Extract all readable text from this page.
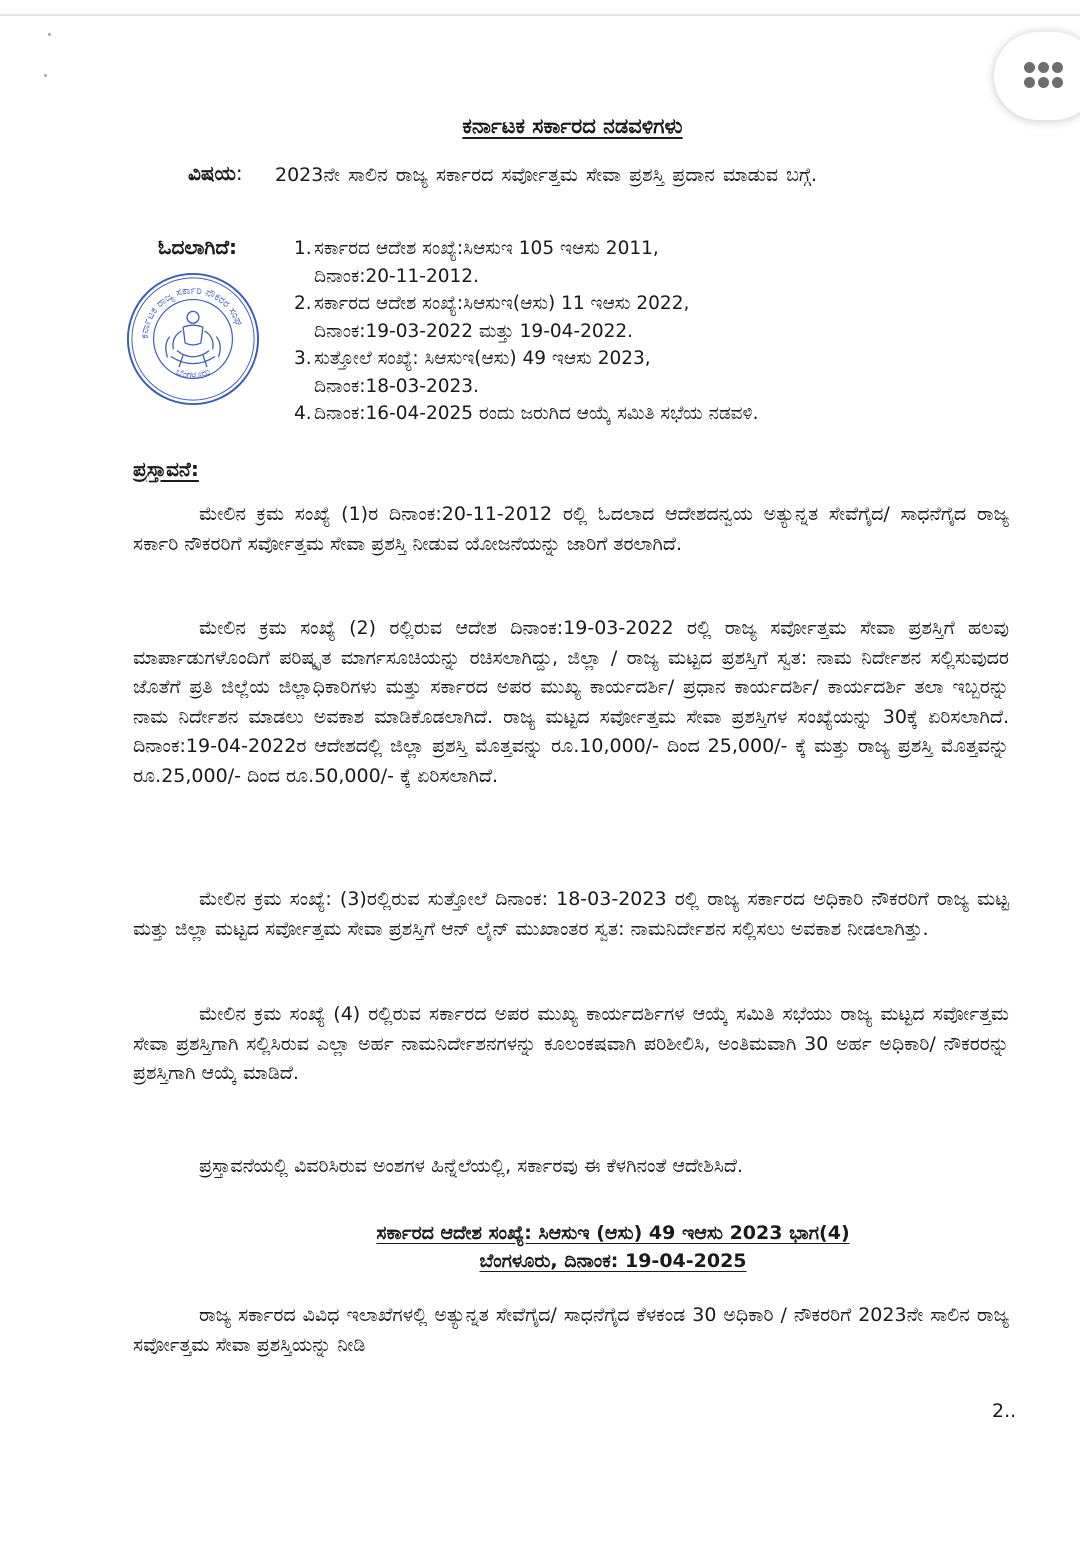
ಕರ್ನಾಟಕ ಸರ್ಕಾರದ ನಡವಳಿಗಳು
ವಿಷಯ: 2023ನೇ ಸಾಲಿನ ರಾಜ್ಯ ಸರ್ಕಾರದ ಸರ್ವೋತ್ತಮ ಸೇವಾ ಪ್ರಶಸ್ತಿ ಪ್ರದಾನ ಮಾಡುವ ಬಗ್ಗೆ.
ಓದಲಾಗಿದೆ:	1. ಸರ್ಕಾರದ ಆದೇಶ ಸಂಖ್ಯೆ:ಸಿಆಸುಇ 105 ಇಆಸು 2011,
ದಿನಾಂಕ:20-11-2012.
2. ಸರ್ಕಾರದ ಆದೇಶ ಸಂಖ್ಯೆ:ಸಿಆಸುಇ(ಆಸು) 11 ಇಆಸು 2022,
ದಿನಾಂಕ:19-03-2022 ಮತ್ತು 19-04-2022.
3. ಸುತ್ತೋಲೆ ಸಂಖ್ಯೆ: ಸಿಆಸುಇ(ಆಸು) 49 ಇಆಸು 2023,
ದಿನಾಂಕ:18-03-2023.
4. ದಿನಾಂಕ:16-04-2025 ರಂದು ಜರುಗಿದ ಆಯ್ಕೆ ಸಮಿತಿ ಸಭೆಯ ನಡವಳಿ.
ಕರ್ನಾಟಕ ರಾಜ್ಯ ಸರ್ಕಾರಿ ನೌಕರರ ಸಂಘ
ಬೆಂಗಳೂರು
ಪ್ರಸ್ತಾವನೆ:

ಮೇಲಿನ ಕ್ರಮ ಸಂಖ್ಯೆ (1)ರ ದಿನಾಂಕ:20-11-2012 ರಲ್ಲಿ ಓದಲಾದ ಆದೇಶದನ್ವಯ ಅತ್ಯುನ್ನತ ಸೇವೆಗೈದ/ ಸಾಧನೆಗೈದ ರಾಜ್ಯ ಸರ್ಕಾರಿ ನೌಕರರಿಗೆ ಸರ್ವೋತ್ತಮ ಸೇವಾ ಪ್ರಶಸ್ತಿ ನೀಡುವ ಯೋಜನೆಯನ್ನು ಜಾರಿಗೆ ತರಲಾಗಿದೆ.

ಮೇಲಿನ ಕ್ರಮ ಸಂಖ್ಯೆ (2) ರಲ್ಲಿರುವ ಆದೇಶ ದಿನಾಂಕ:19-03-2022 ರಲ್ಲಿ ರಾಜ್ಯ ಸರ್ವೋತ್ತಮ ಸೇವಾ ಪ್ರಶಸ್ತಿಗೆ ಹಲವು ಮಾರ್ಪಾಡುಗಳೊಂದಿಗೆ ಪರಿಷ್ಕೃತ ಮಾರ್ಗಸೂಚಿಯನ್ನು ರಚಿಸಲಾಗಿದ್ದು, ಜಿಲ್ಲಾ / ರಾಜ್ಯ ಮಟ್ಟದ ಪ್ರಶಸ್ತಿಗೆ ಸ್ವತ: ನಾಮ ನಿರ್ದೇಶನ ಸಲ್ಲಿಸುವುದರ ಜೊತೆಗೆ ಪ್ರತಿ ಜಿಲ್ಲೆಯ ಜಿಲ್ಲಾಧಿಕಾರಿಗಳು ಮತ್ತು ಸರ್ಕಾರದ ಅಪರ ಮುಖ್ಯ ಕಾರ್ಯದರ್ಶಿ/ ಪ್ರಧಾನ ಕಾರ್ಯದರ್ಶಿ/ ಕಾರ್ಯದರ್ಶಿ ತಲಾ ಇಬ್ಬರನ್ನು ನಾಮ ನಿರ್ದೇಶನ ಮಾಡಲು ಅವಕಾಶ ಮಾಡಿಕೊಡಲಾಗಿದೆ. ರಾಜ್ಯ ಮಟ್ಟದ ಸರ್ವೋತ್ತಮ ಸೇವಾ ಪ್ರಶಸ್ತಿಗಳ ಸಂಖ್ಯೆಯನ್ನು 30ಕ್ಕೆ ಏರಿಸಲಾಗಿದೆ. ದಿನಾಂಕ:19-04-2022ರ ಆದೇಶದಲ್ಲಿ ಜಿಲ್ಲಾ ಪ್ರಶಸ್ತಿ ಮೊತ್ತವನ್ನು ರೂ.10,000/- ದಿಂದ 25,000/- ಕ್ಕೆ ಮತ್ತು ರಾಜ್ಯ ಪ್ರಶಸ್ತಿ ಮೊತ್ತವನ್ನು ರೂ.25,000/- ದಿಂದ ರೂ.50,000/- ಕ್ಕೆ ಏರಿಸಲಾಗಿದೆ.

ಮೇಲಿನ ಕ್ರಮ ಸಂಖ್ಯೆ: (3)ರಲ್ಲಿರುವ ಸುತ್ತೋಲೆ ದಿನಾಂಕ: 18-03-2023 ರಲ್ಲಿ ರಾಜ್ಯ ಸರ್ಕಾರದ ಅಧಿಕಾರಿ ನೌಕರರಿಗೆ ರಾಜ್ಯ ಮಟ್ಟ ಮತ್ತು ಜಿಲ್ಲಾ ಮಟ್ಟದ ಸರ್ವೋತ್ತಮ ಸೇವಾ ಪ್ರಶಸ್ತಿಗೆ ಆನ್ ಲೈನ್ ಮುಖಾಂತರ ಸ್ವತ: ನಾಮನಿರ್ದೇಶನ ಸಲ್ಲಿಸಲು ಅವಕಾಶ ನೀಡಲಾಗಿತ್ತು.

ಮೇಲಿನ ಕ್ರಮ ಸಂಖ್ಯೆ (4) ರಲ್ಲಿರುವ ಸರ್ಕಾರದ ಅಪರ ಮುಖ್ಯ ಕಾರ್ಯದರ್ಶಿಗಳ ಆಯ್ಕೆ ಸಮಿತಿ ಸಭೆಯು ರಾಜ್ಯ ಮಟ್ಟದ ಸರ್ವೋತ್ತಮ ಸೇವಾ ಪ್ರಶಸ್ತಿಗಾಗಿ ಸಲ್ಲಿಸಿರುವ ಎಲ್ಲಾ ಅರ್ಹ ನಾಮನಿರ್ದೇಶನಗಳನ್ನು ಕೂಲಂಕಷವಾಗಿ ಪರಿಶೀಲಿಸಿ, ಅಂತಿಮವಾಗಿ 30 ಅರ್ಹ ಅಧಿಕಾರಿ/ ನೌಕರರನ್ನು ಪ್ರಶಸ್ತಿಗಾಗಿ ಆಯ್ಕೆ ಮಾಡಿದೆ.

ಪ್ರಸ್ತಾವನೆಯಲ್ಲಿ ವಿವರಿಸಿರುವ ಅಂಶಗಳ ಹಿನ್ನೆಲೆಯಲ್ಲಿ, ಸರ್ಕಾರವು ಈ ಕೆಳಗಿನಂತೆ ಆದೇಶಿಸಿದೆ.

ಸರ್ಕಾರದ ಆದೇಶ ಸಂಖ್ಯೆ: ಸಿಆಸುಇ (ಆಸು) 49 ಇಆಸು 2023 ಭಾಗ(4)
ಬೆಂಗಳೂರು, ದಿನಾಂಕ: 19-04-2025

ರಾಜ್ಯ ಸರ್ಕಾರದ ವಿವಿಧ ಇಲಾಖೆಗಳಲ್ಲಿ ಅತ್ಯುನ್ನತ ಸೇವೆಗೈದ/ ಸಾಧನೆಗೈದ ಕೆಳಕಂಡ 30 ಅಧಿಕಾರಿ / ನೌಕರರಿಗೆ 2023ನೇ ಸಾಲಿನ ರಾಜ್ಯ ಸರ್ವೋತ್ತಮ ಸೇವಾ ಪ್ರಶಸ್ತಿಯನ್ನು ನೀಡಿ

2..
